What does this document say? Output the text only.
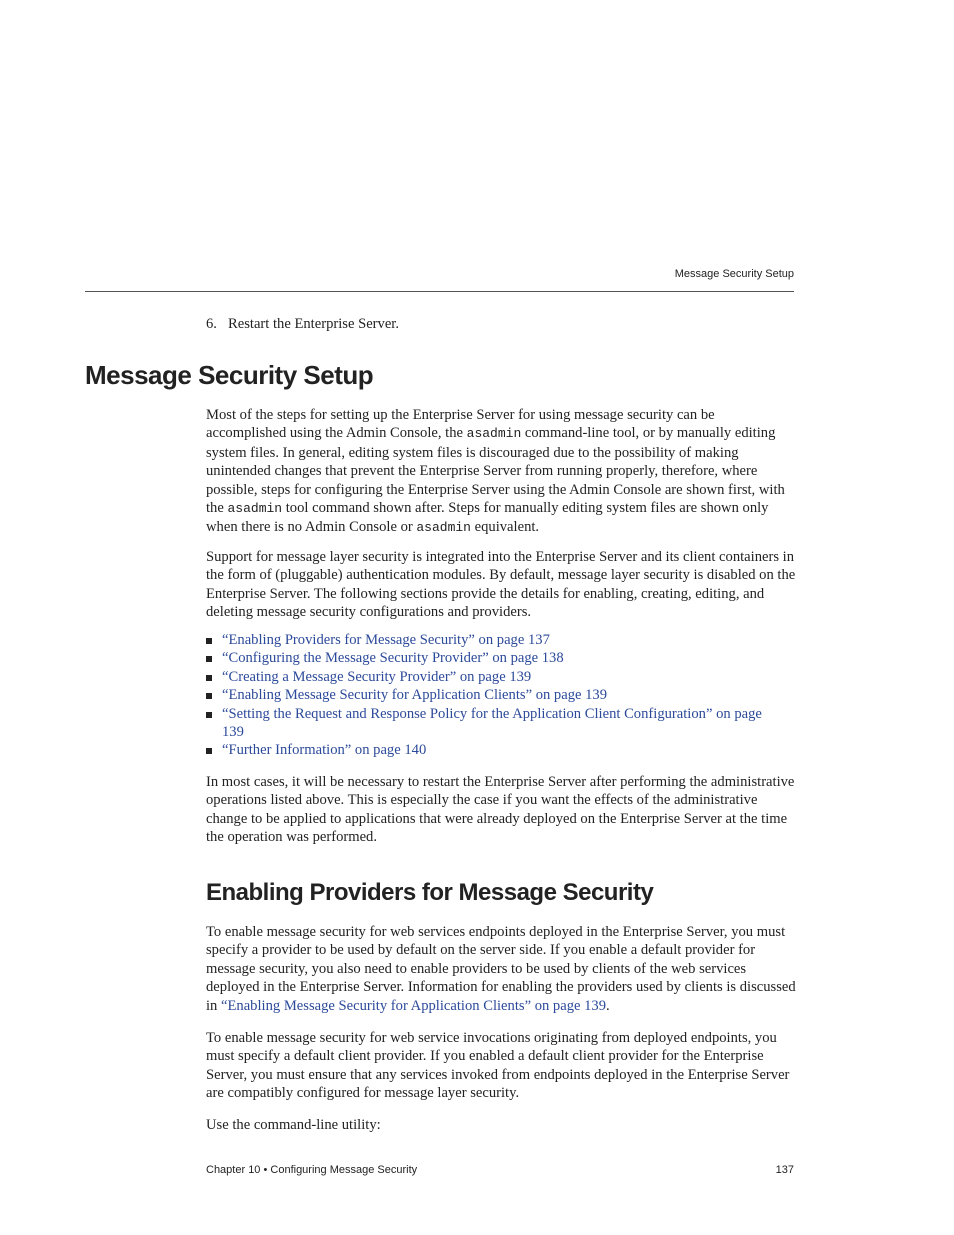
Message Security Setup
6. Restart the Enterprise Server.
Message Security Setup

Most of the steps for setting up the Enterprise Server for using message security can be accomplished using the Admin Console, the asadmin command-line tool, or by manually editing system files. In general, editing system files is discouraged due to the possibility of making unintended changes that prevent the Enterprise Server from running properly, therefore, where possible, steps for configuring the Enterprise Server using the Admin Console are shown first, with the asadmin tool command shown after. Steps for manually editing system files are shown only when there is no Admin Console or asadmin equivalent.

Support for message layer security is integrated into the Enterprise Server and its client containers in the form of (pluggable) authentication modules. By default, message layer security is disabled on the Enterprise Server. The following sections provide the details for enabling, creating, editing, and deleting message security configurations and providers.

“Enabling Providers for Message Security” on page 137
“Configuring the Message Security Provider” on page 138
“Creating a Message Security Provider” on page 139
“Enabling Message Security for Application Clients” on page 139
“Setting the Request and Response Policy for the Application Client Configuration” on page 139
“Further Information” on page 140

In most cases, it will be necessary to restart the Enterprise Server after performing the administrative operations listed above. This is especially the case if you want the effects of the administrative change to be applied to applications that were already deployed on the Enterprise Server at the time the operation was performed.

Enabling Providers for Message Security

To enable message security for web services endpoints deployed in the Enterprise Server, you must specify a provider to be used by default on the server side. If you enable a default provider for message security, you also need to enable providers to be used by clients of the web services deployed in the Enterprise Server. Information for enabling the providers used by clients is discussed in “Enabling Message Security for Application Clients” on page 139.

To enable message security for web service invocations originating from deployed endpoints, you must specify a default client provider. If you enabled a default client provider for the Enterprise Server, you must ensure that any services invoked from endpoints deployed in the Enterprise Server are compatibly configured for message layer security.

Use the command-line utility:

Chapter 10 • Configuring Message Security	137
